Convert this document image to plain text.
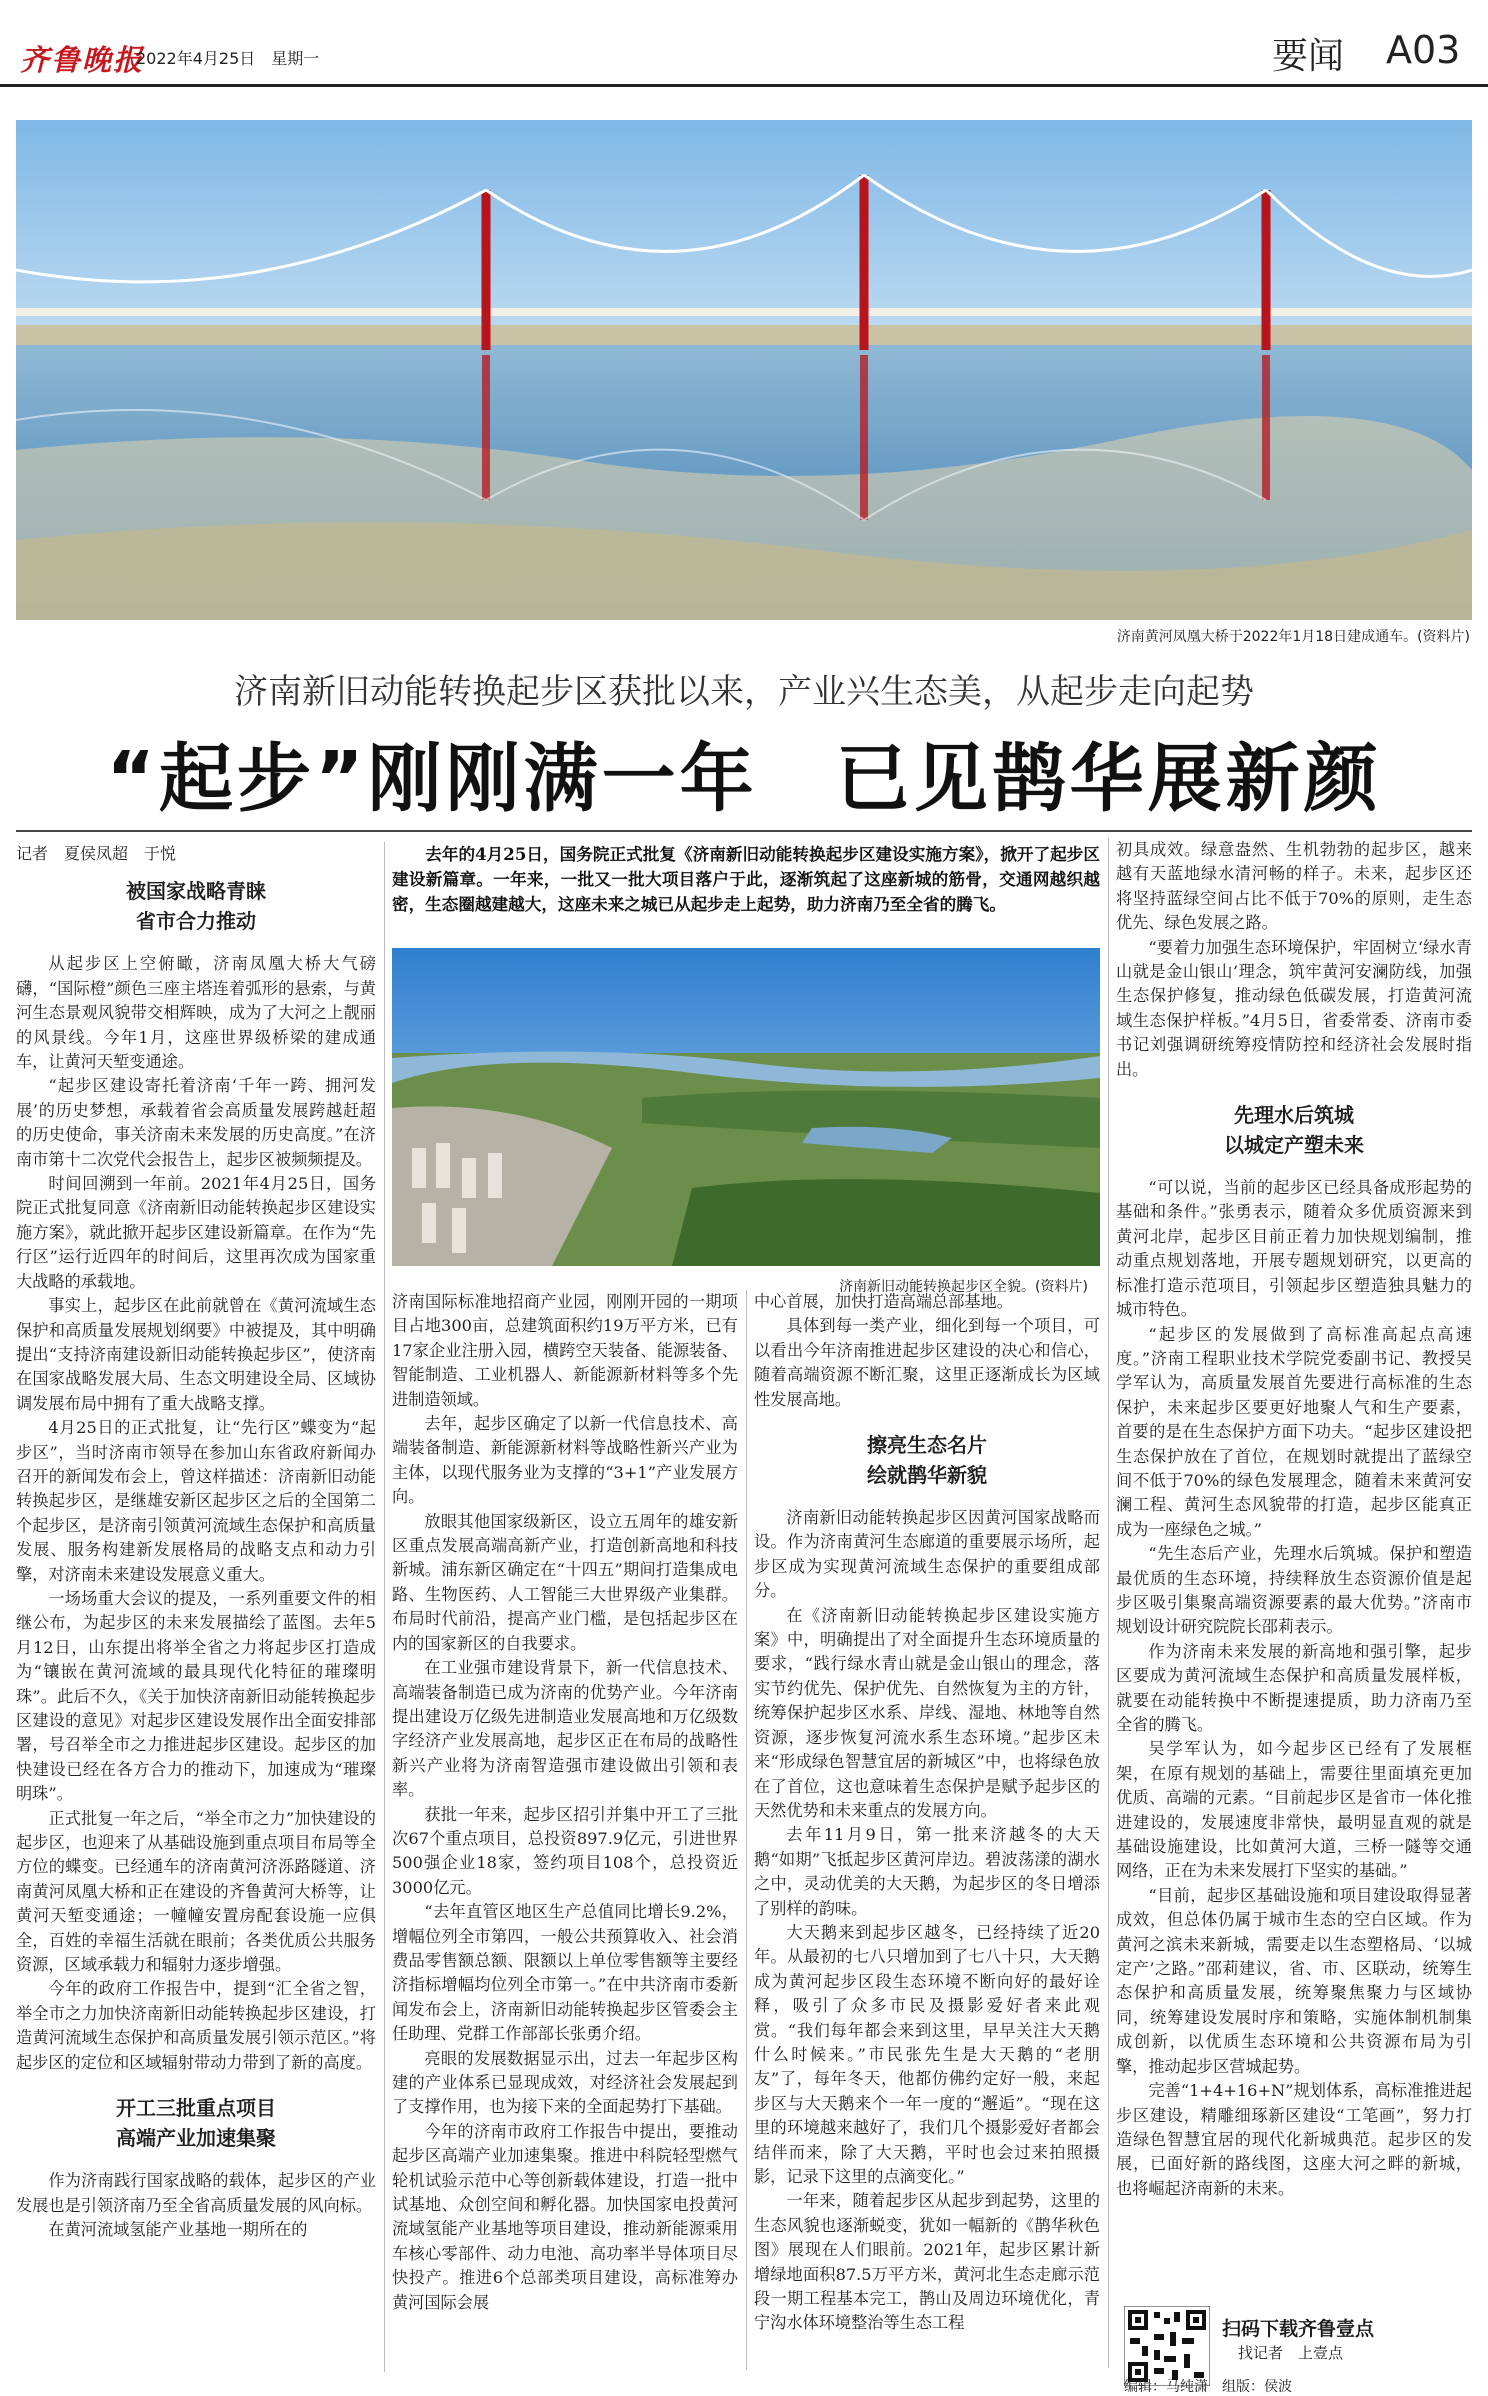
齐鲁晚报
2022年4月25日　星期一	要闻 A03
济南黄河凤凰大桥于2022年1月18日建成通车。(资料片)
济南新旧动能转换起步区获批以来，产业兴生态美，从起步走向起势
“起步”刚刚满一年　已见鹊华展新颜
记者　夏侯凤超　于悦
被国家战略青睐
省市合力推动

从起步区上空俯瞰，济南凤凰大桥大气磅礴，“国际橙”颜色三座主塔连着弧形的悬索，与黄河生态景观风貌带交相辉映，成为了大河之上靓丽的风景线。今年1月，这座世界级桥梁的建成通车，让黄河天堑变通途。

“起步区建设寄托着济南‘千年一跨、拥河发展’的历史梦想，承载着省会高质量发展跨越赶超的历史使命，事关济南未来发展的历史高度。”在济南市第十二次党代会报告上，起步区被频频提及。

时间回溯到一年前。2021年4月25日，国务院正式批复同意《济南新旧动能转换起步区建设实施方案》，就此掀开起步区建设新篇章。在作为“先行区”运行近四年的时间后，这里再次成为国家重大战略的承载地。

事实上，起步区在此前就曾在《黄河流域生态保护和高质量发展规划纲要》中被提及，其中明确提出“支持济南建设新旧动能转换起步区”，使济南在国家战略发展大局、生态文明建设全局、区域协调发展布局中拥有了重大战略支撑。

4月25日的正式批复，让“先行区”蝶变为“起步区”，当时济南市领导在参加山东省政府新闻办召开的新闻发布会上，曾这样描述：济南新旧动能转换起步区，是继雄安新区起步区之后的全国第二个起步区，是济南引领黄河流域生态保护和高质量发展、服务构建新发展格局的战略支点和动力引擎，对济南未来建设发展意义重大。

一场场重大会议的提及，一系列重要文件的相继公布，为起步区的未来发展描绘了蓝图。去年5月12日，山东提出将举全省之力将起步区打造成为“镶嵌在黄河流域的最具现代化特征的璀璨明珠”。此后不久，《关于加快济南新旧动能转换起步区建设的意见》对起步区建设发展作出全面安排部署，号召举全市之力推进起步区建设。起步区的加快建设已经在各方合力的推动下，加速成为“璀璨明珠”。

正式批复一年之后，“举全市之力”加快建设的起步区，也迎来了从基础设施到重点项目布局等全方位的蝶变。已经通车的济南黄河济泺路隧道、济南黄河凤凰大桥和正在建设的齐鲁黄河大桥等，让黄河天堑变通途；一幢幢安置房配套设施一应俱全，百姓的幸福生活就在眼前；各类优质公共服务资源，区域承载力和辐射力逐步增强。

今年的政府工作报告中，提到“汇全省之智，举全市之力加快济南新旧动能转换起步区建设，打造黄河流域生态保护和高质量发展引领示范区。”将起步区的定位和区域辐射带动力带到了新的高度。

开工三批重点项目
高端产业加速集聚

作为济南践行国家战略的载体，起步区的产业发展也是引领济南乃至全省高质量发展的风向标。

在黄河流域氢能产业基地一期所在的

去年的4月25日，国务院正式批复《济南新旧动能转换起步区建设实施方案》，掀开了起步区建设新篇章。一年来，一批又一批大项目落户于此，逐渐筑起了这座新城的筋骨，交通网越织越密，生态圈越建越大，这座未来之城已从起步走上起势，助力济南乃至全省的腾飞。
济南新旧动能转换起步区全貌。(资料片)

济南国际标准地招商产业园，刚刚开园的一期项目占地300亩，总建筑面积约19万平方米，已有17家企业注册入园，横跨空天装备、能源装备、智能制造、工业机器人、新能源新材料等多个先进制造领域。

去年，起步区确定了以新一代信息技术、高端装备制造、新能源新材料等战略性新兴产业为主体，以现代服务业为支撑的“3+1”产业发展方向。

放眼其他国家级新区，设立五周年的雄安新区重点发展高端高新产业，打造创新高地和科技新城。浦东新区确定在“十四五”期间打造集成电路、生物医药、人工智能三大世界级产业集群。布局时代前沿，提高产业门槛，是包括起步区在内的国家新区的自我要求。

在工业强市建设背景下，新一代信息技术、高端装备制造已成为济南的优势产业。今年济南提出建设万亿级先进制造业发展高地和万亿级数字经济产业发展高地，起步区正在布局的战略性新兴产业将为济南智造强市建设做出引领和表率。

获批一年来，起步区招引并集中开工了三批次67个重点项目，总投资897.9亿元，引进世界500强企业18家，签约项目108个，总投资近3000亿元。

“去年直管区地区生产总值同比增长9.2%，增幅位列全市第四，一般公共预算收入、社会消费品零售额总额、限额以上单位零售额等主要经济指标增幅均位列全市第一。”在中共济南市委新闻发布会上，济南新旧动能转换起步区管委会主任助理、党群工作部部长张勇介绍。

亮眼的发展数据显示出，过去一年起步区构建的产业体系已显现成效，对经济社会发展起到了支撑作用，也为接下来的全面起势打下基础。

今年的济南市政府工作报告中提出，要推动起步区高端产业加速集聚。推进中科院轻型燃气轮机试验示范中心等创新载体建设，打造一批中试基地、众创空间和孵化器。加快国家电投黄河流域氢能产业基地等项目建设，推动新能源乘用车核心零部件、动力电池、高功率半导体项目尽快投产。推进6个总部类项目建设，高标准筹办黄河国际会展

中心首展，加快打造高端总部基地。

具体到每一类产业，细化到每一个项目，可以看出今年济南推进起步区建设的决心和信心，随着高端资源不断汇聚，这里正逐渐成长为区域性发展高地。

擦亮生态名片
绘就鹊华新貌

济南新旧动能转换起步区因黄河国家战略而设。作为济南黄河生态廊道的重要展示场所，起步区成为实现黄河流域生态保护的重要组成部分。

在《济南新旧动能转换起步区建设实施方案》中，明确提出了对全面提升生态环境质量的要求，“践行绿水青山就是金山银山的理念，落实节约优先、保护优先、自然恢复为主的方针，统筹保护起步区水系、岸线、湿地、林地等自然资源，逐步恢复河流水系生态环境。”起步区未来“形成绿色智慧宜居的新城区”中，也将绿色放在了首位，这也意味着生态保护是赋予起步区的天然优势和未来重点的发展方向。

去年11月9日，第一批来济越冬的大天鹅“如期”飞抵起步区黄河岸边。碧波荡漾的湖水之中，灵动优美的大天鹅，为起步区的冬日增添了别样的韵味。

大天鹅来到起步区越冬，已经持续了近20年。从最初的七八只增加到了七八十只，大天鹅成为黄河起步区段生态环境不断向好的最好诠释，吸引了众多市民及摄影爱好者来此观赏。“我们每年都会来到这里，早早关注大天鹅什么时候来。”市民张先生是大天鹅的“老朋友”了，每年冬天，他都仿佛约定好一般，来起步区与大天鹅来个一年一度的“邂逅”。“现在这里的环境越来越好了，我们几个摄影爱好者都会结伴而来，除了大天鹅，平时也会过来拍照摄影，记录下这里的点滴变化。”

一年来，随着起步区从起步到起势，这里的生态风貌也逐渐蜕变，犹如一幅新的《鹊华秋色图》展现在人们眼前。2021年，起步区累计新增绿地面积87.5万平方米，黄河北生态走廊示范段一期工程基本完工，鹊山及周边环境优化，青宁沟水体环境整治等生态工程

初具成效。绿意盎然、生机勃勃的起步区，越来越有天蓝地绿水清河畅的样子。未来，起步区还将坚持蓝绿空间占比不低于70%的原则，走生态优先、绿色发展之路。

“要着力加强生态环境保护，牢固树立‘绿水青山就是金山银山’理念，筑牢黄河安澜防线，加强生态保护修复，推动绿色低碳发展，打造黄河流域生态保护样板。”4月5日，省委常委、济南市委书记刘强调研统筹疫情防控和经济社会发展时指出。

先理水后筑城
以城定产塑未来

“可以说，当前的起步区已经具备成形起势的基础和条件。”张勇表示，随着众多优质资源来到黄河北岸，起步区目前正着力加快规划编制，推动重点规划落地，开展专题规划研究，以更高的标准打造示范项目，引领起步区塑造独具魅力的城市特色。

“起步区的发展做到了高标准高起点高速度。”济南工程职业技术学院党委副书记、教授吴学军认为，高质量发展首先要进行高标准的生态保护，未来起步区要更好地聚人气和生产要素，首要的是在生态保护方面下功夫。“起步区建设把生态保护放在了首位，在规划时就提出了蓝绿空间不低于70%的绿色发展理念，随着未来黄河安澜工程、黄河生态风貌带的打造，起步区能真正成为一座绿色之城。”

“先生态后产业，先理水后筑城。保护和塑造最优质的生态环境，持续释放生态资源价值是起步区吸引集聚高端资源要素的最大优势。”济南市规划设计研究院院长邵莉表示。

作为济南未来发展的新高地和强引擎，起步区要成为黄河流域生态保护和高质量发展样板，就要在动能转换中不断提速提质，助力济南乃至全省的腾飞。

吴学军认为，如今起步区已经有了发展框架，在原有规划的基础上，需要往里面填充更加优质、高端的元素。“目前起步区是省市一体化推进建设的，发展速度非常快，最明显直观的就是基础设施建设，比如黄河大道，三桥一隧等交通网络，正在为未来发展打下坚实的基础。”

“目前，起步区基础设施和项目建设取得显著成效，但总体仍属于城市生态的空白区域。作为黄河之滨未来新城，需要走以生态塑格局、‘以城定产’之路。”邵莉建议，省、市、区联动，统筹生态保护和高质量发展，统筹聚焦聚力与区域协同，统筹建设发展时序和策略，实施体制机制集成创新，以优质生态环境和公共资源布局为引擎，推动起步区营城起势。

完善“1+4+16+N”规划体系，高标准推进起步区建设，精雕细琢新区建设“工笔画”，努力打造绿色智慧宜居的现代化新城典范。起步区的发展，已面好新的路线图，这座大河之畔的新城，也将崛起济南新的未来。

扫码下载齐鲁壹点
找记者　上壹点
编辑：马纯潇　组版：侯波
